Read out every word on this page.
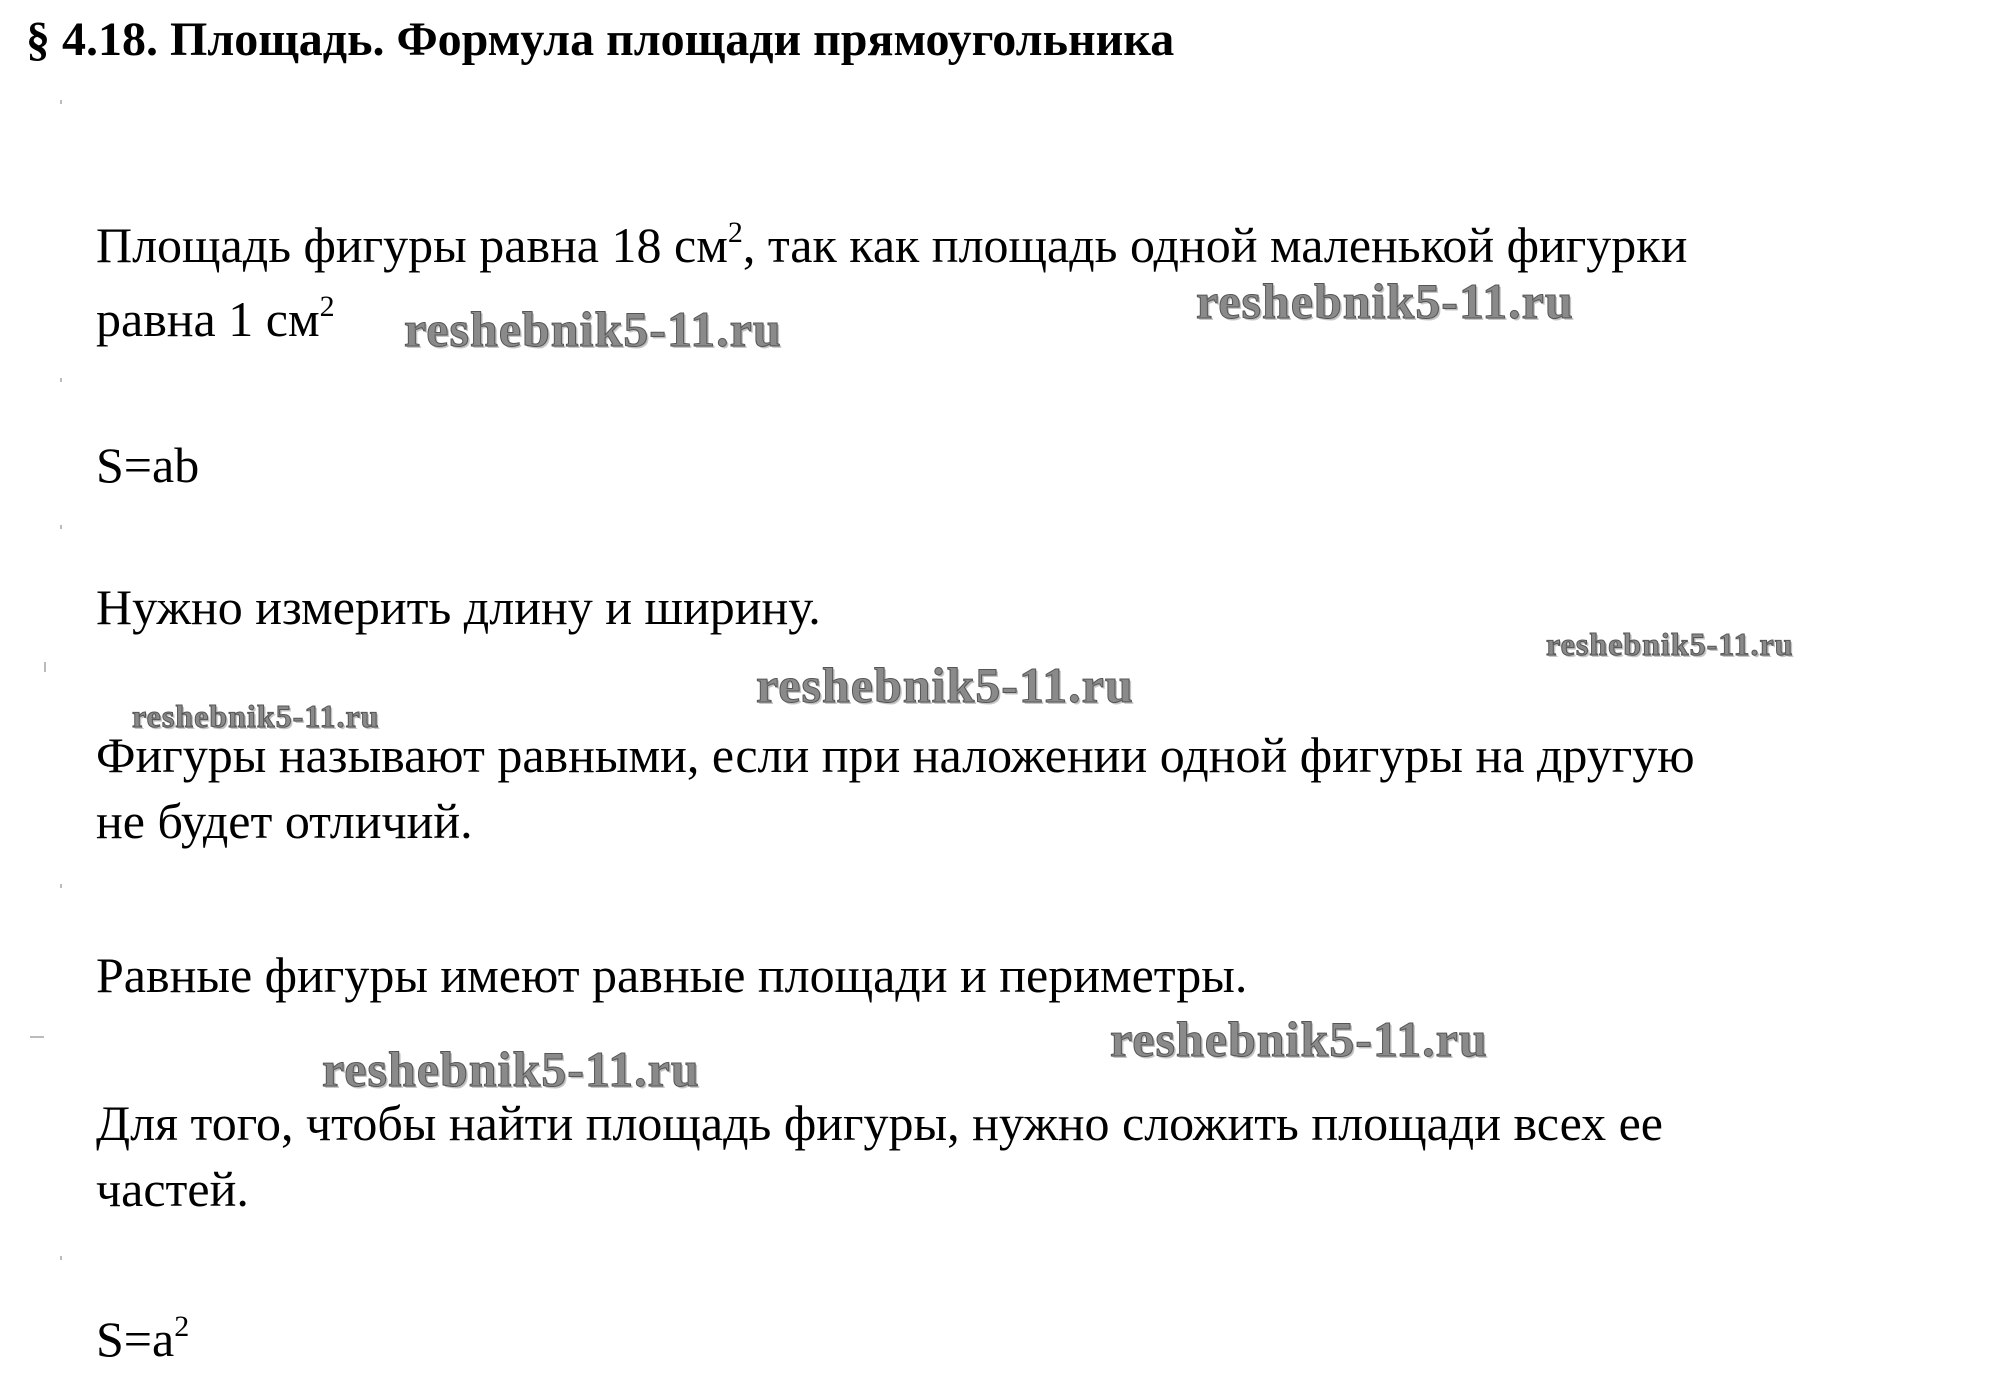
§ 4.18. Площадь. Формула площади прямоугольника
Площадь фигуры равна 18 $см^2$, так как площадь одной маленькой фигурки
равна 1 $см^2$
S=ab
Нужно измерить длину и ширину.
Фигуры называют равными, если при наложении одной фигуры на другую
не будет отличий.
Равные фигуры имеют равные площади и периметры.
Для того, чтобы найти площадь фигуры, нужно сложить площади всех ее
частей.
$S=a^2$
reshebnik5-11.ru	reshebnik5-11.ru
reshebnik5-11.ru
reshebnik5-11.ru
reshebnik5-11.ru
reshebnik5-11.ru
reshebnik5-11.ru
